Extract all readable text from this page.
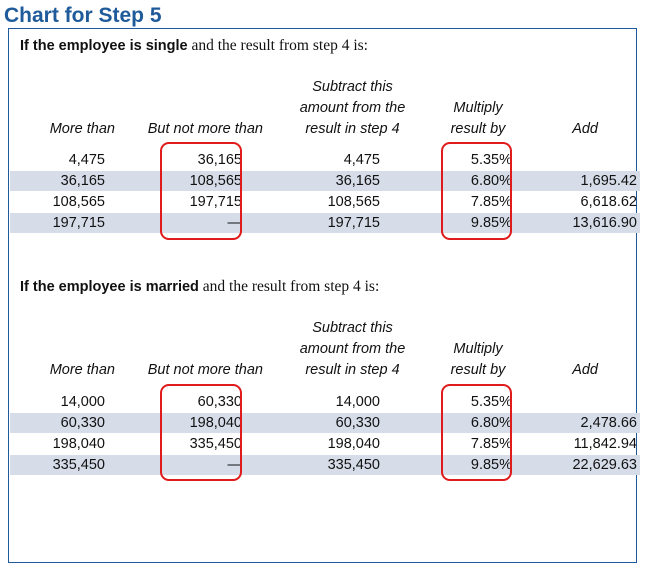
Chart for Step 5
If the employee is single and the result from step 4 is:
More than	But not more than
Subtract this
amount from the
result in step 4
Multiply
result by	Add
4,475	36,165	4,475	5.35%
36,165	108,565	36,165	6.80%	1,695.42
108,565	197,715	108,565	7.85%	6,618.62
197,715	—	197,715	9.85%	13,616.90
If the employee is married and the result from step 4 is:
More than	But not more than
Subtract this
amount from the
result in step 4
Multiply
result by	Add
14,000	60,330	14,000	5.35%
60,330	198,040	60,330	6.80%	2,478.66
198,040	335,450	198,040	7.85%	11,842.94
335,450	—	335,450	9.85%	22,629.63
